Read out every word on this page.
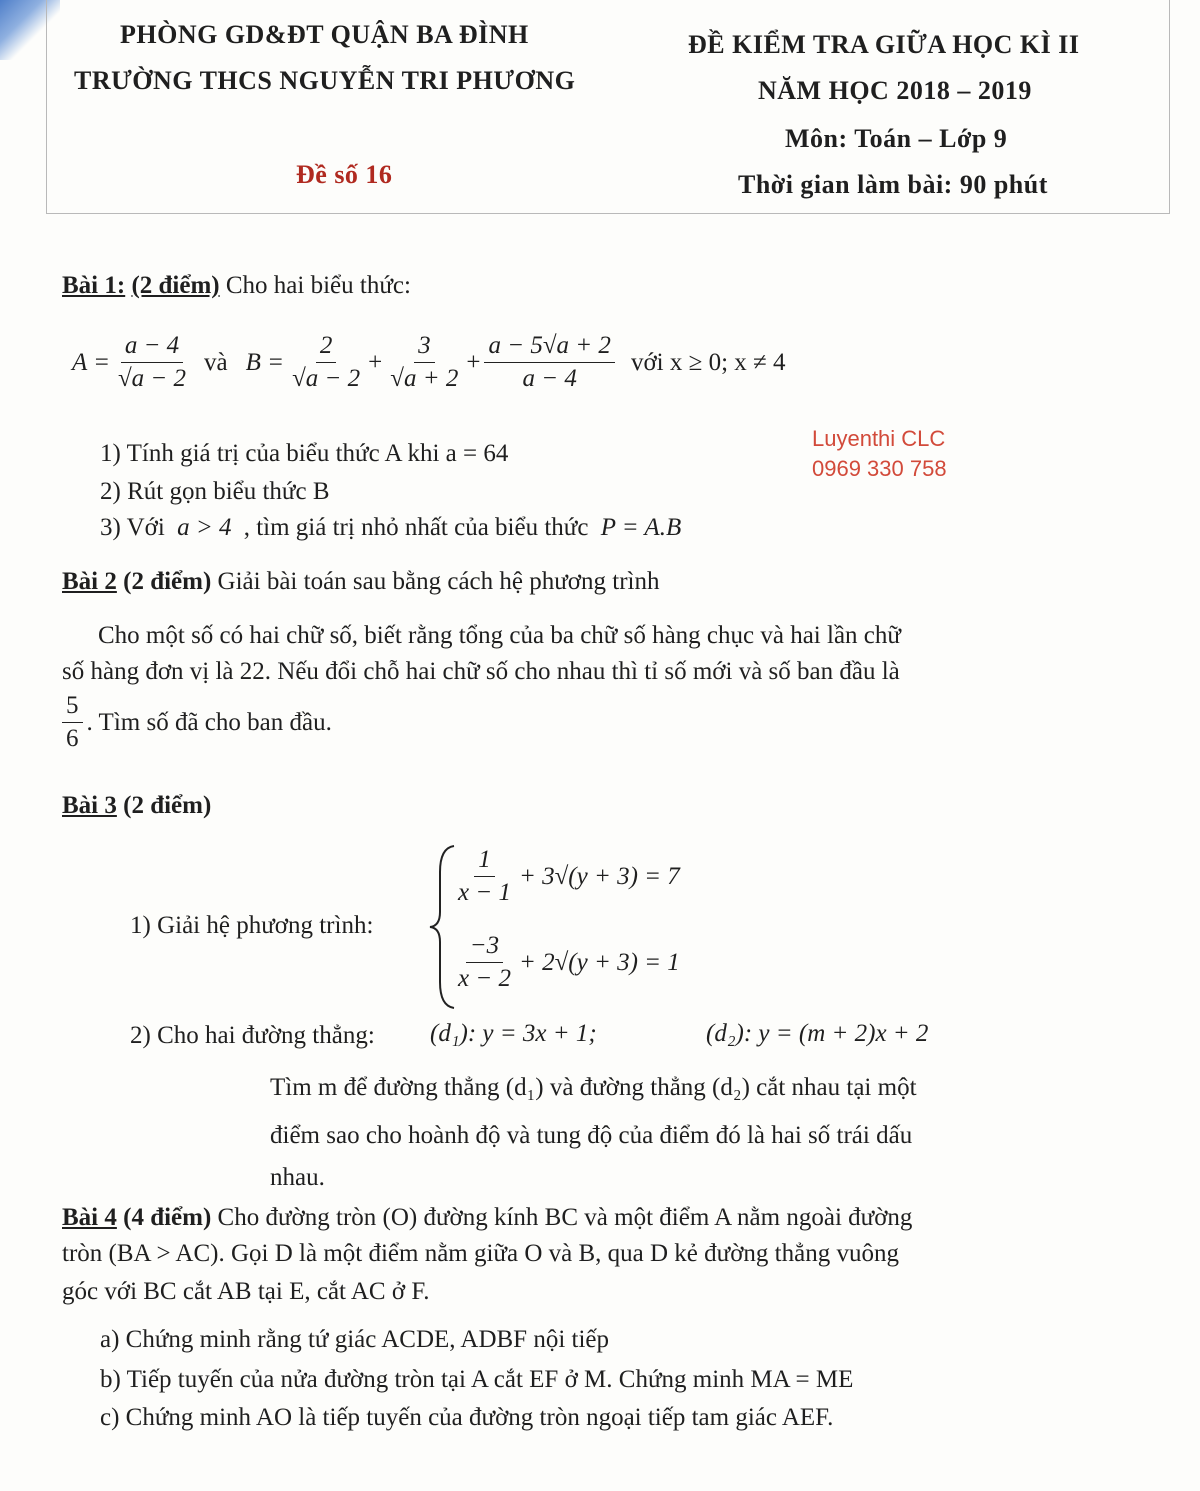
PHÒNG GD&ĐT QUẬN BA ĐÌNH
TRƯỜNG THCS NGUYỄN TRI PHƯƠNG
Đề số 16
ĐỀ KIỂM TRA GIỮA HỌC KÌ II
NĂM HỌC 2018 – 2019
Môn: Toán – Lớp 9
Thời gian làm bài: 90 phút
Bài 1: (2 điểm) Cho hai biểu thức:
$A = \frac{a - 4}{√a - 2}$ và $B = \frac{2}{√a - 2} + \frac{3}{√a + 2} + \frac{a - 5√a + 2}{a - 4}$ với x ≥ 0; x ≠ 4
1) Tính giá trị của biểu thức A khi a = 64
Luyenthi CLC
0969 330 758
2) Rút gọn biểu thức B
3) Với a > 4 , tìm giá trị nhỏ nhất của biểu thức P = A.B
Bài 2 (2 điểm) Giải bài toán sau bằng cách hệ phương trình
Cho một số có hai chữ số, biết rằng tổng của ba chữ số hàng chục và hai lần chữ
số hàng đơn vị là 22. Nếu đổi chỗ hai chữ số cho nhau thì tỉ số mới và số ban đầu là
$\frac{5}{6}$ . Tìm số đã cho ban đầu.
Bài 3 (2 điểm)
1) Giải hệ phương trình:
$\frac{1}{x - 1} + 3√(y + 3) = 7$
$\frac{-3}{x - 2} + 2√(y + 3) = 1$
2) Cho hai đường thẳng: (d₁): y = 3x + 1;	(d₂): y = (m + 2)x + 2
Tìm m để đường thẳng (d₁) và đường thẳng (d₂) cắt nhau tại một
điểm sao cho hoành độ và tung độ của điểm đó là hai số trái dấu
nhau.
Bài 4 (4 điểm) Cho đường tròn (O) đường kính BC và một điểm A nằm ngoài đường
tròn (BA > AC). Gọi D là một điểm nằm giữa O và B, qua D kẻ đường thẳng vuông
góc với BC cắt AB tại E, cắt AC ở F.
a) Chứng minh rằng tứ giác ACDE, ADBF nội tiếp
b) Tiếp tuyến của nửa đường tròn tại A cắt EF ở M. Chứng minh MA = ME
c) Chứng minh AO là tiếp tuyến của đường tròn ngoại tiếp tam giác AEF.
